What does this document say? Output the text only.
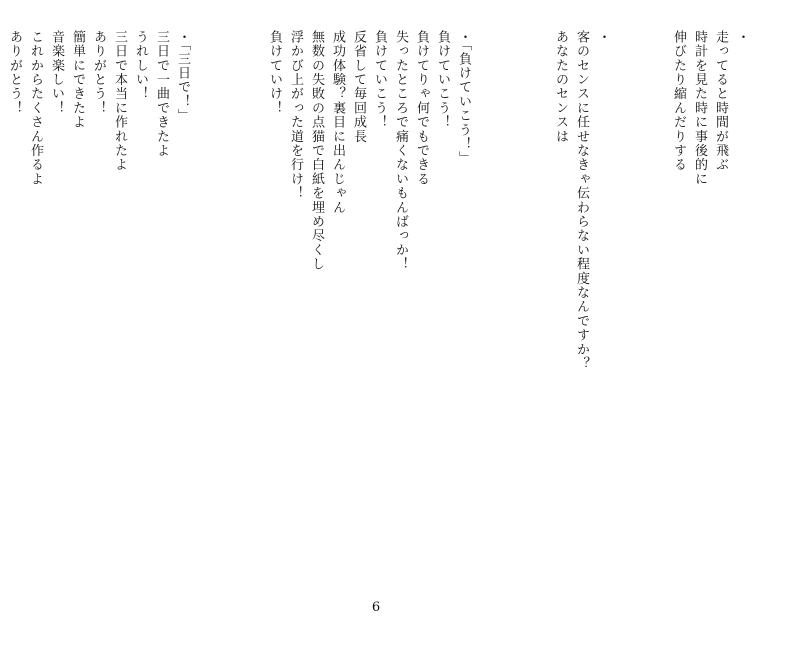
・
走ってると時間が飛ぶ
時計を見た時に事後的に
伸びたり縮んだりする
・
客のセンスに任せなきゃ伝わらない程度なんですか？
あなたのセンスは
・「負けていこう！」
負けていこう！
負けてりゃ何でもできる
失ったところで痛くないもんばっか！
負けていこう！
反省して毎回成長
成功体験？裏目に出んじゃん
無数の失敗の点猫で白紙を埋め尽くし
浮かび上がった道を行け！
負けていけ！
・「三日で！」
三日で一曲できたよ
うれしい！
三日で本当に作れたよ
ありがとう！
簡単にできたよ
音楽楽しい！
これからたくさん作るよ
ありがとう！
6
